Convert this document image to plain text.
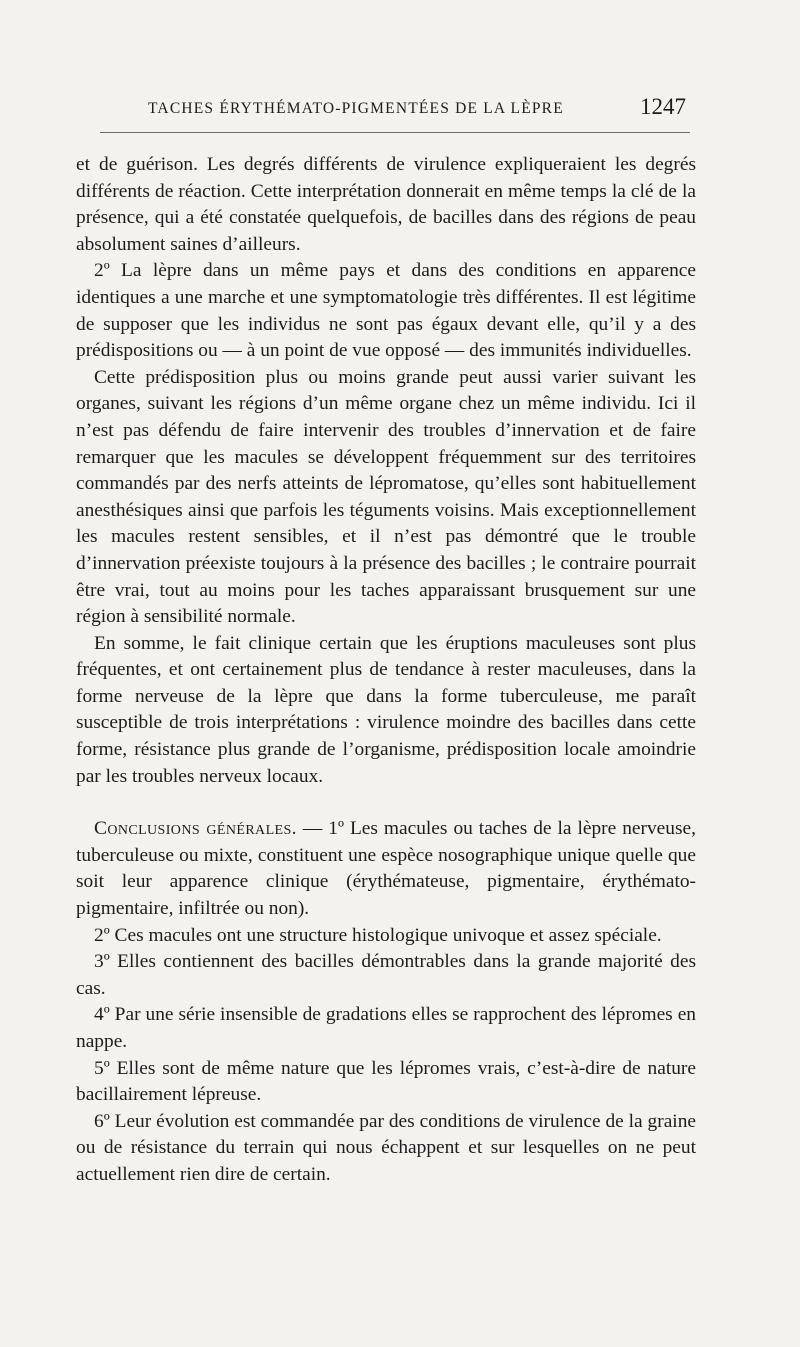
TACHES ÉRYTHÉMATO-PIGMENTÉES DE LA LÈPRE	1247

et de guérison. Les degrés différents de virulence expliqueraient les degrés différents de réaction. Cette interprétation donnerait en même temps la clé de la présence, qui a été constatée quelquefois, de bacilles dans des régions de peau absolument saines d’ailleurs.

2º La lèpre dans un même pays et dans des conditions en apparence identiques a une marche et une symptomatologie très différentes. Il est légitime de supposer que les individus ne sont pas égaux devant elle, qu’il y a des prédispositions ou — à un point de vue opposé — des immunités individuelles.

Cette prédisposition plus ou moins grande peut aussi varier suivant les organes, suivant les régions d’un même organe chez un même individu. Ici il n’est pas défendu de faire intervenir des troubles d’innervation et de faire remarquer que les macules se développent fréquemment sur des territoires commandés par des nerfs atteints de lépromatose, qu’elles sont habituellement anesthésiques ainsi que parfois les téguments voisins. Mais exceptionnellement les macules restent sensibles, et il n’est pas démontré que le trouble d’innervation préexiste toujours à la présence des bacilles ; le contraire pourrait être vrai, tout au moins pour les taches apparaissant brusquement sur une région à sensibilité normale.

En somme, le fait clinique certain que les éruptions maculeuses sont plus fréquentes, et ont certainement plus de tendance à rester maculeuses, dans la forme nerveuse de la lèpre que dans la forme tuberculeuse, me paraît susceptible de trois interprétations : virulence moindre des bacilles dans cette forme, résistance plus grande de l’organisme, prédisposition locale amoindrie par les troubles nerveux locaux.

Conclusions générales. — 1º Les macules ou taches de la lèpre nerveuse, tuberculeuse ou mixte, constituent une espèce nosographique unique quelle que soit leur apparence clinique (érythémateuse, pigmentaire, érythémato-pigmentaire, infiltrée ou non).

2º Ces macules ont une structure histologique univoque et assez spéciale.

3º Elles contiennent des bacilles démontrables dans la grande majorité des cas.

4º Par une série insensible de gradations elles se rapprochent des lépromes en nappe.

5º Elles sont de même nature que les lépromes vrais, c’est-à-dire de nature bacillairement lépreuse.

6º Leur évolution est commandée par des conditions de virulence de la graine ou de résistance du terrain qui nous échappent et sur lesquelles on ne peut actuellement rien dire de certain.
